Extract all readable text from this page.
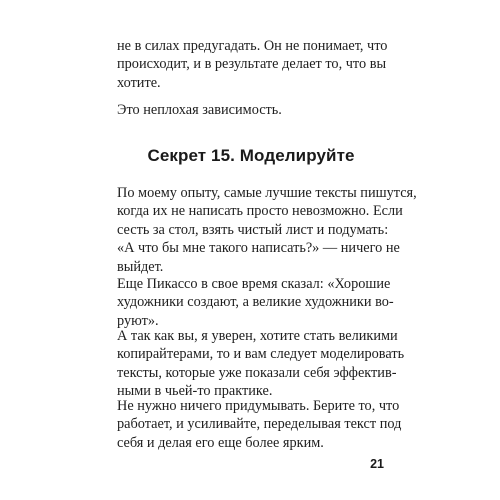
не в силах предугадать. Он не понимает, что
происходит, и в результате делает то, что вы
хотите.
Это неплохая зависимость.
Секрет 15. Моделируйте
По моему опыту, самые лучшие тексты пишутся,
когда их не написать просто невозможно. Если
сесть за стол, взять чистый лист и подумать:
«А что бы мне такого написать?» — ничего не
выйдет.
Еще Пикассо в свое время сказал: «Хорошие
художники создают, а великие художники во-
руют».
А так как вы, я уверен, хотите стать великими
копирайтерами, то и вам следует моделировать
тексты, которые уже показали себя эффектив-
ными в чьей-то практике.
Не нужно ничего придумывать. Берите то, что
работает, и усиливайте, переделывая текст под
себя и делая его еще более ярким.
21
